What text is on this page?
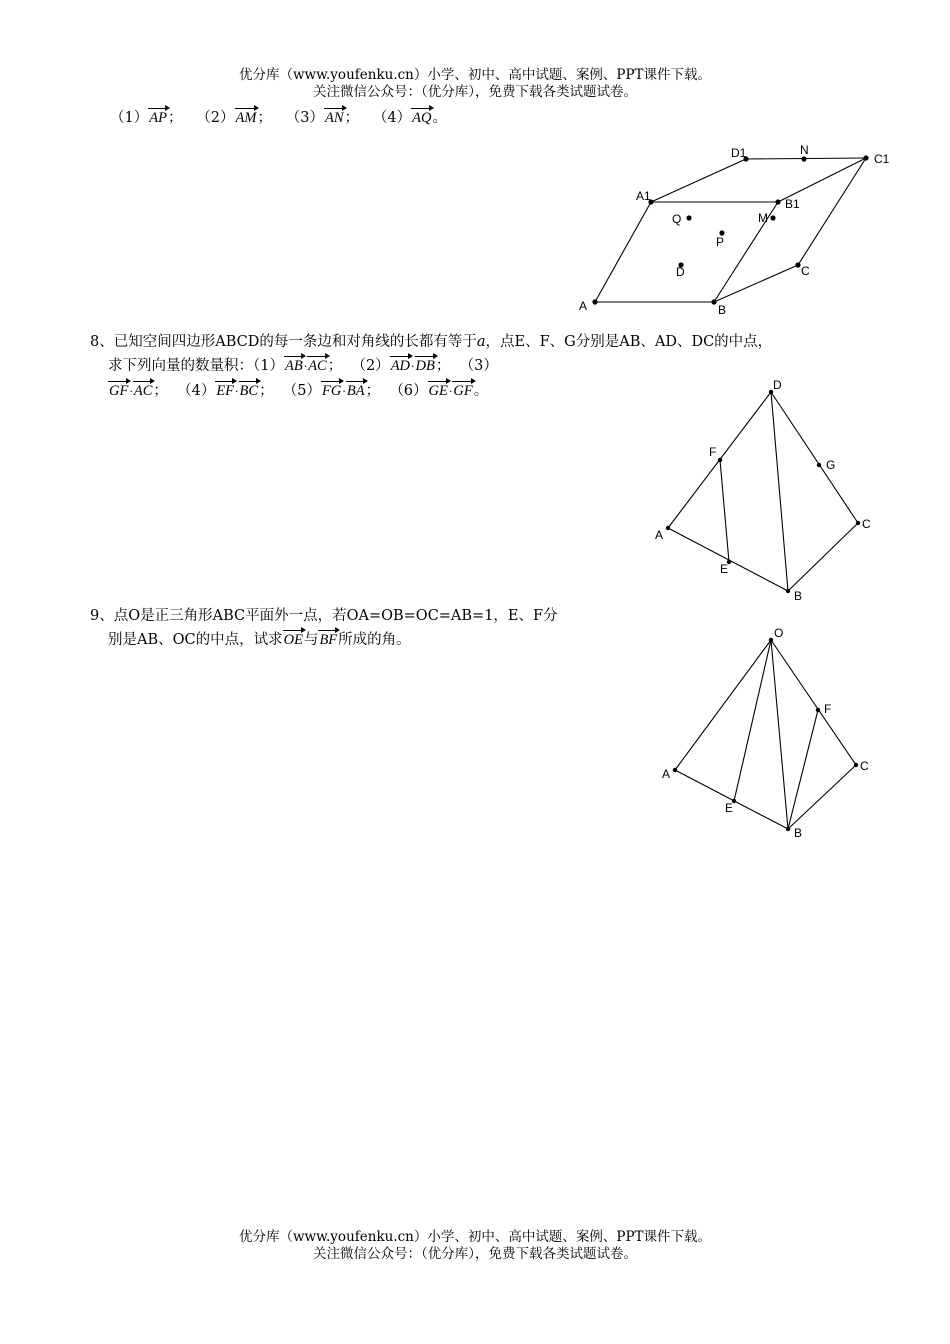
优分库（www.youfenku.cn）小学、初中、高中试题、案例、PPT课件下载。
关注微信公众号：（优分库），免费下载各类试题试卷。
（1）AP； （2）AM； （3）AN； （4）AQ。
A	B
C
D
A1
B1
C1
D1	N
M
P
Q
8、已知空间四边形ABCD的每一条边和对角线的长都有等于a，点E、F、G分别是AB、AD、DC的中点，
求下列向量的数量积：（1）AB·AC； （2）AD·DB； （3）
GF·AC； （4）EF·BC； （5）FG·BA； （6）GE·GF。	D
A
C
B
F
E
G
9、点O是正三角形ABC平面外一点，若OA=OB=OC=AB=1，E、F分
别是AB、OC的中点，试求OE与BF所成的角。	O
A
C
B
E
F
优分库（www.youfenku.cn）小学、初中、高中试题、案例、PPT课件下载。
关注微信公众号：（优分库），免费下载各类试题试卷。
